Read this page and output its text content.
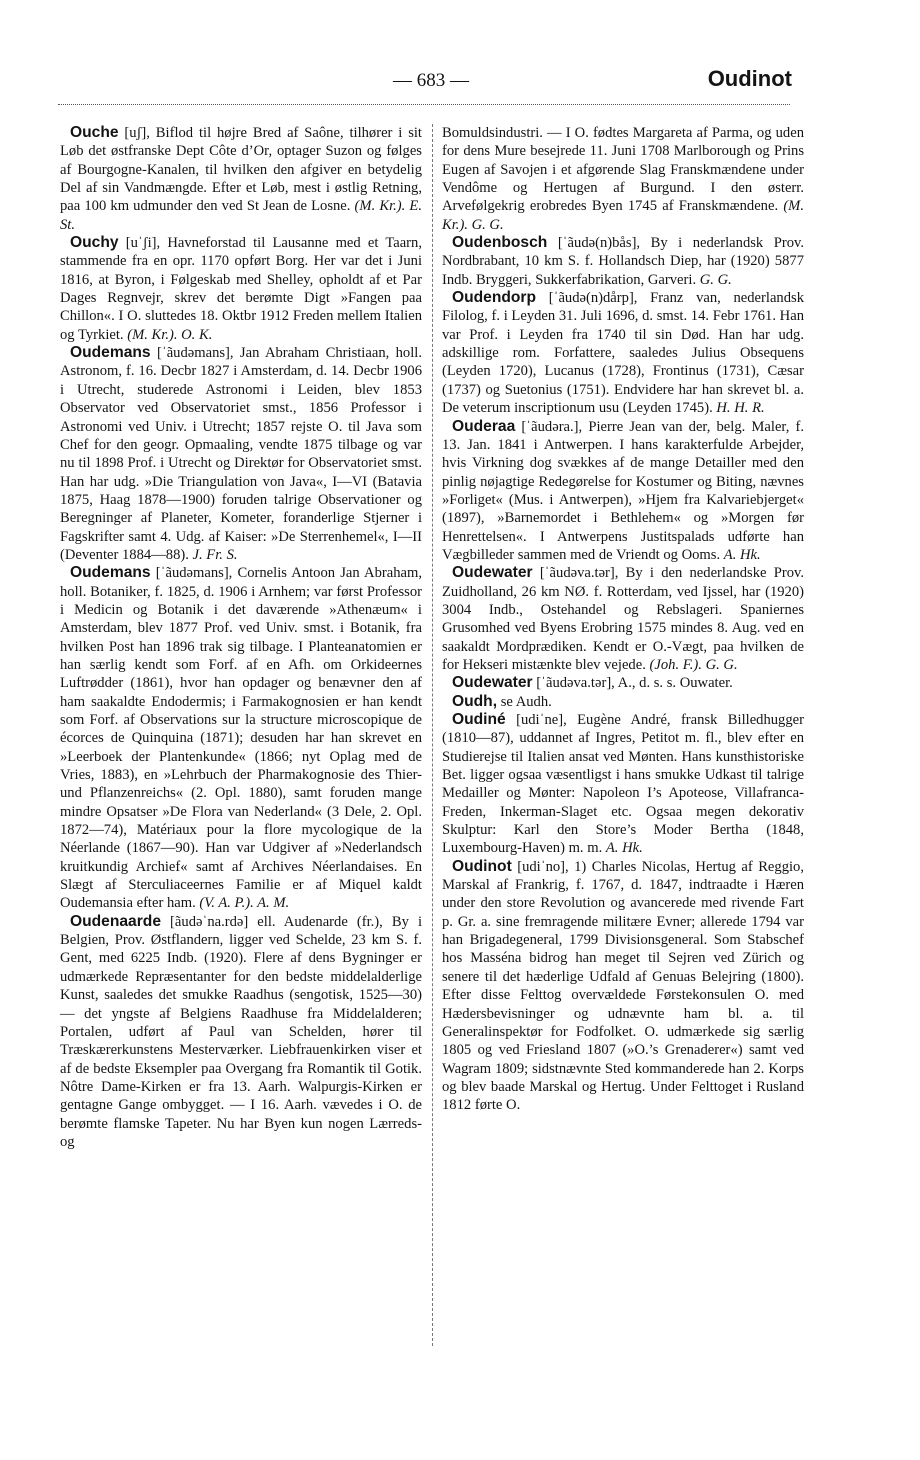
— 683 —	Oudinot

Ouche [uʃ], Biflod til højre Bred af Saône, tilhører i sit Løb det østfranske Dept Côte d’Or, optager Suzon og følges af Bourgogne-Kanalen, til hvilken den afgiver en betydelig Del af sin Vandmængde. Efter et Løb, mest i østlig Retning, paa 100 km udmunder den ved St Jean de Losne. (M. Kr.). E. St.

Ouchy [uˈʃi], Havneforstad til Lausanne med et Taarn, stammende fra en opr. 1170 opført Borg. Her var det i Juni 1816, at Byron, i Følgeskab med Shelley, opholdt af et Par Dages Regnvejr, skrev det berømte Digt »Fangen paa Chillon«. I O. sluttedes 18. Oktbr 1912 Freden mellem Italien og Tyrkiet. (M. Kr.). O. K.

Oudemans [ˈãudəmans], Jan Abraham Christiaan, holl. Astronom, f. 16. Decbr 1827 i Amsterdam, d. 14. Decbr 1906 i Utrecht, studerede Astronomi i Leiden, blev 1853 Observator ved Observatoriet smst., 1856 Professor i Astronomi ved Univ. i Utrecht; 1857 rejste O. til Java som Chef for den geogr. Opmaaling, vendte 1875 tilbage og var nu til 1898 Prof. i Utrecht og Direktør for Observatoriet smst. Han har udg. »Die Triangulation von Java«, I—VI (Batavia 1875, Haag 1878—1900) foruden talrige Observationer og Beregninger af Planeter, Kometer, foranderlige Stjerner i Fagskrifter samt 4. Udg. af Kaiser: »De Sterrenhemel«, I—II (Deventer 1884—88). J. Fr. S.

Oudemans [ˈãudəmans], Cornelis Antoon Jan Abraham, holl. Botaniker, f. 1825, d. 1906 i Arnhem; var først Professor i Medicin og Botanik i det daværende »Athenæum« i Amsterdam, blev 1877 Prof. ved Univ. smst. i Botanik, fra hvilken Post han 1896 trak sig tilbage. I Planteanatomien er han særlig kendt som Forf. af en Afh. om Orkideernes Luftrødder (1861), hvor han opdager og benævner den af ham saakaldte Endodermis; i Farmakognosien er han kendt som Forf. af Observations sur la structure microscopique de écorces de Quinquina (1871); desuden har han skrevet en »Leerboek der Plantenkunde« (1866; nyt Oplag med de Vries, 1883), en »Lehrbuch der Pharmakognosie des Thier- und Pflanzenreichs« (2. Opl. 1880), samt foruden mange mindre Opsatser »De Flora van Nederland« (3 Dele, 2. Opl. 1872—74), Matériaux pour la flore mycologique de la Néerlande (1867—90). Han var Udgiver af »Nederlandsch kruitkundig Archief« samt af Archives Néerlandaises. En Slægt af Sterculiaceernes Familie er af Miquel kaldt Oudemansia efter ham. (V. A. P.). A. M.

Oudenaarde [ãudəˈna.rdə] ell. Audenarde (fr.), By i Belgien, Prov. Østflandern, ligger ved Schelde, 23 km S. f. Gent, med 6225 Indb. (1920). Flere af dens Bygninger er udmærkede Repræsentanter for den bedste middelalderlige Kunst, saaledes det smukke Raadhus (sengotisk, 1525—30) — det yngste af Belgiens Raadhuse fra Middelalderen; Portalen, udført af Paul van Schelden, hører til Træskærerkunstens Mesterværker. Liebfrauenkirken viser et af de bedste Eksempler paa Overgang fra Romantik til Gotik. Nôtre Dame-Kirken er fra 13. Aarh. Walpurgis-Kirken er gentagne Gange ombygget. — I 16. Aarh. vævedes i O. de berømte flamske Tapeter. Nu har Byen kun nogen Lærreds- og

Bomuldsindustri. — I O. fødtes Margareta af Parma, og uden for dens Mure besejrede 11. Juni 1708 Marlborough og Prins Eugen af Savojen i et afgørende Slag Franskmændene under Vendôme og Hertugen af Burgund. I den østerr. Arvefølgekrig erobredes Byen 1745 af Franskmændene. (M. Kr.). G. G.

Oudenbosch [ˈãudə(n)bås], By i nederlandsk Prov. Nordbrabant, 10 km S. f. Hollandsch Diep, har (1920) 5877 Indb. Bryggeri, Sukkerfabrikation, Garveri. G. G.

Oudendorp [ˈãudə(n)dårp], Franz van, nederlandsk Filolog, f. i Leyden 31. Juli 1696, d. smst. 14. Febr 1761. Han var Prof. i Leyden fra 1740 til sin Død. Han har udg. adskillige rom. Forfattere, saaledes Julius Obsequens (Leyden 1720), Lucanus (1728), Frontinus (1731), Cæsar (1737) og Suetonius (1751). Endvidere har han skrevet bl. a. De veterum inscriptionum usu (Leyden 1745). H. H. R.

Ouderaa [ˈãudəra.], Pierre Jean van der, belg. Maler, f. 13. Jan. 1841 i Antwerpen. I hans karakterfulde Arbejder, hvis Virkning dog svækkes af de mange Detailler med den pinlig nøjagtige Redegørelse for Kostumer og Biting, nævnes »Forliget« (Mus. i Antwerpen), »Hjem fra Kalvariebjerget« (1897), »Barnemordet i Bethlehem« og »Morgen før Henrettelsen«. I Antwerpens Justitspalads udførte han Vægbilleder sammen med de Vriendt og Ooms. A. Hk.

Oudewater [ˈãudəva.tər], By i den nederlandske Prov. Zuidholland, 26 km NØ. f. Rotterdam, ved Ijssel, har (1920) 3004 Indb., Ostehandel og Rebslageri. Spaniernes Grusomhed ved Byens Erobring 1575 mindes 8. Aug. ved en saakaldt Mordprædiken. Kendt er O.-Vægt, paa hvilken de for Hekseri mistænkte blev vejede. (Joh. F.). G. G.

Oudewater [ˈãudəva.tər], A., d. s. s. Ouwater.

Oudh, se Audh.

Oudiné [udiˈne], Eugène André, fransk Billedhugger (1810—87), uddannet af Ingres, Petitot m. fl., blev efter en Studierejse til Italien ansat ved Mønten. Hans kunsthistoriske Bet. ligger ogsaa væsentligst i hans smukke Udkast til talrige Medailler og Mønter: Napoleon I’s Apoteose, Villafranca-Freden, Inkerman-Slaget etc. Ogsaa megen dekorativ Skulptur: Karl den Store’s Moder Bertha (1848, Luxembourg-Haven) m. m. A. Hk.

Oudinot [udiˈno], 1) Charles Nicolas, Hertug af Reggio, Marskal af Frankrig, f. 1767, d. 1847, indtraadte i Hæren under den store Revolution og avancerede med rivende Fart p. Gr. a. sine fremragende militære Evner; allerede 1794 var han Brigadegeneral, 1799 Divisionsgeneral. Som Stabschef hos Masséna bidrog han meget til Sejren ved Zürich og senere til det hæderlige Udfald af Genuas Belejring (1800). Efter disse Felttog overvældede Førstekonsulen O. med Hædersbevisninger og udnævnte ham bl. a. til Generalinspektør for Fodfolket. O. udmærkede sig særlig 1805 og ved Friesland 1807 (»O.’s Grenaderer«) samt ved Wagram 1809; sidstnævnte Sted kommanderede han 2. Korps og blev baade Marskal og Hertug. Under Felttoget i Rusland 1812 førte O.
